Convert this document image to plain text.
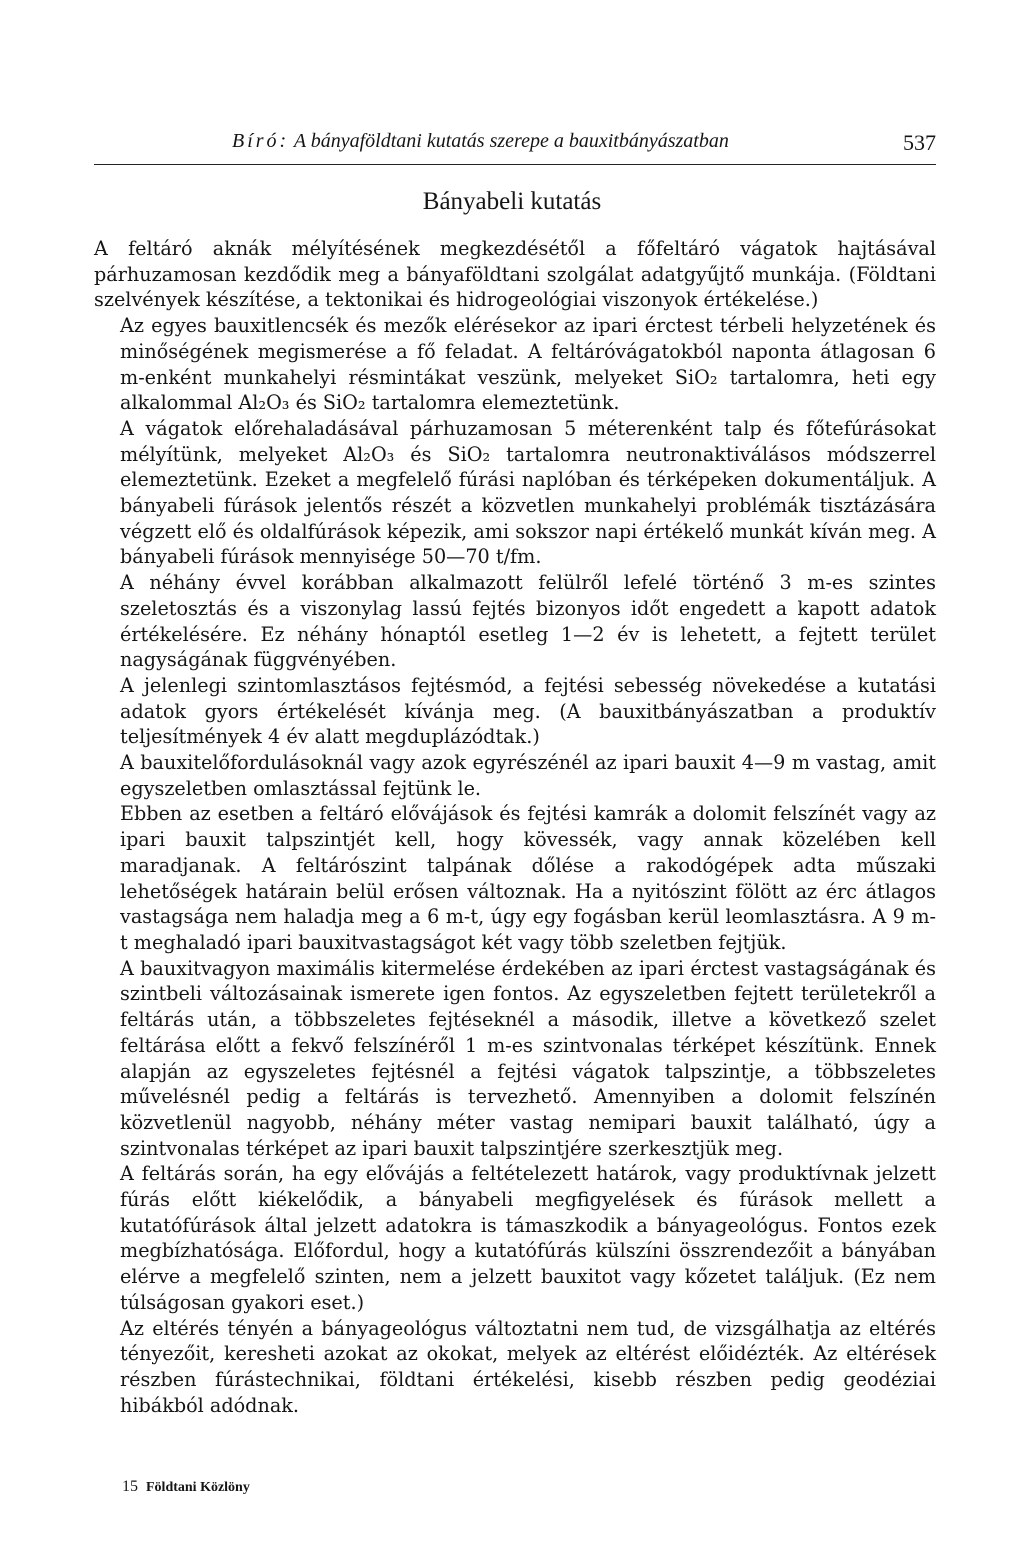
Bíró: A bányaföldtani kutatás szerepe a bauxitbányászatban	537
Bányabeli kutatás

A feltáró aknák mélyítésének megkezdésétől a főfeltáró vágatok hajtásával párhuzamosan kezdődik meg a bányaföldtani szolgálat adatgyűjtő munkája. (Földtani szelvények készítése, a tektonikai és hidrogeológiai viszonyok értékelése.)

Az egyes bauxitlencsék és mezők elérésekor az ipari érctest térbeli helyzetének és minőségének megismerése a fő feladat. A feltáróvágatokból naponta átlagosan 6 m-enként munkahelyi résmintákat veszünk, melyeket SiO₂ tartalomra, heti egy alkalommal Al₂O₃ és SiO₂ tartalomra elemeztetünk.

A vágatok előrehaladásával párhuzamosan 5 méterenként talp és főtefúrásokat mélyítünk, melyeket Al₂O₃ és SiO₂ tartalomra neutronaktiválásos módszerrel elemeztetünk. Ezeket a megfelelő fúrási naplóban és térképeken dokumentáljuk. A bányabeli fúrások jelentős részét a közvetlen munkahelyi problémák tisztázására végzett elő és oldalfúrások képezik, ami sokszor napi értékelő munkát kíván meg. A bányabeli fúrások mennyisége 50—70 t/fm.

A néhány évvel korábban alkalmazott felülről lefelé történő 3 m-es szintes szeletosztás és a viszonylag lassú fejtés bizonyos időt engedett a kapott adatok értékelésére. Ez néhány hónaptól esetleg 1—2 év is lehetett, a fejtett terület nagyságának függvényében.

A jelenlegi szintomlasztásos fejtésmód, a fejtési sebesség növekedése a kutatási adatok gyors értékelését kívánja meg. (A bauxitbányászatban a produktív teljesítmények 4 év alatt megduplázódtak.)

A bauxitelőfordulásoknál vagy azok egyrészénél az ipari bauxit 4—9 m vastag, amit egyszeletben omlasztással fejtünk le.

Ebben az esetben a feltáró elővájások és fejtési kamrák a dolomit felszínét vagy az ipari bauxit talpszintjét kell, hogy kövessék, vagy annak közelében kell maradjanak. A feltárószint talpának dőlése a rakodógépek adta műszaki lehetőségek határain belül erősen változnak. Ha a nyitószint fölött az érc átlagos vastagsága nem haladja meg a 6 m-t, úgy egy fogásban kerül leomlasztásra. A 9 m-t meghaladó ipari bauxitvastagságot két vagy több szeletben fejtjük.

A bauxitvagyon maximális kitermelése érdekében az ipari érctest vastagságának és szintbeli változásainak ismerete igen fontos. Az egyszeletben fejtett területekről a feltárás után, a többszeletes fejtéseknél a második, illetve a következő szelet feltárása előtt a fekvő felszínéről 1 m-es szintvonalas térképet készítünk. Ennek alapján az egyszeletes fejtésnél a fejtési vágatok talpszintje, a többszeletes művelésnél pedig a feltárás is tervezhető. Amennyiben a dolomit felszínén közvetlenül nagyobb, néhány méter vastag nemipari bauxit található, úgy a szintvonalas térképet az ipari bauxit talpszintjére szerkesztjük meg.

A feltárás során, ha egy elővájás a feltételezett határok, vagy produktívnak jelzett fúrás előtt kiékelődik, a bányabeli megfigyelések és fúrások mellett a kutatófúrások által jelzett adatokra is támaszkodik a bányageológus. Fontos ezek megbízhatósága. Előfordul, hogy a kutatófúrás külszíni összrendezőit a bányában elérve a megfelelő szinten, nem a jelzett bauxitot vagy kőzetet találjuk. (Ez nem túlságosan gyakori eset.)

Az eltérés tényén a bányageológus változtatni nem tud, de vizsgálhatja az eltérés tényezőit, keresheti azokat az okokat, melyek az eltérést előidézték. Az eltérések részben fúrástechnikai, földtani értékelési, kisebb részben pedig geodéziai hibákból adódnak.

15 Földtani Közlöny
